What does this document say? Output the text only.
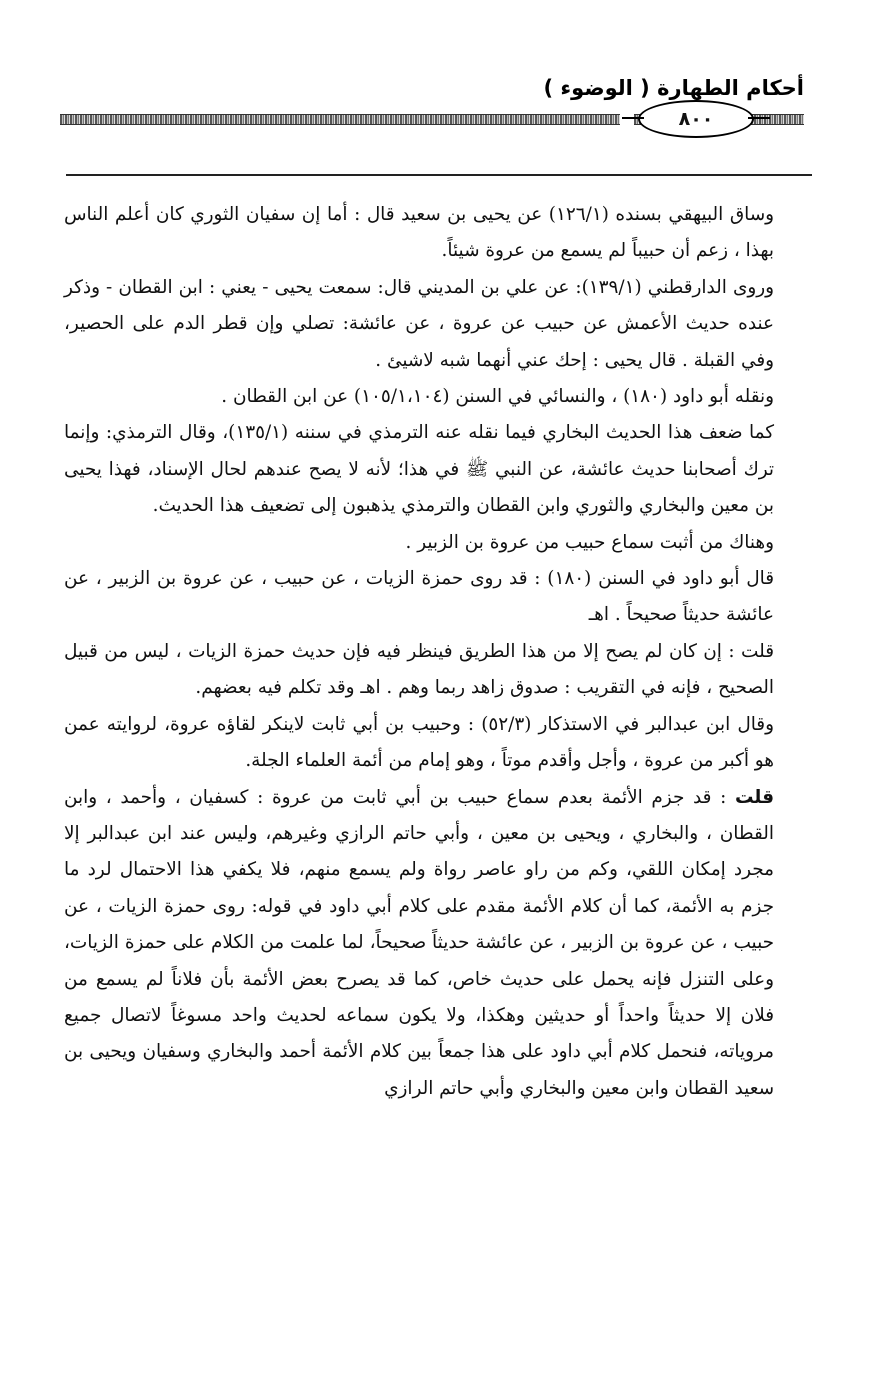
أحكام الطهارة ( الوضوء )
٨٠٠

وساق البيهقي بسنده (١٢٦/١) عن يحيى بن سعيد قال : أما إن سفيان الثوري كان أعلم الناس بهذا ، زعم أن حبيباً لم يسمع من عروة شيئاً.

وروى الدارقطني (١٣٩/١): عن علي بن المديني قال: سمعت يحيى - يعني : ابن القطان - وذكر عنده حديث الأعمش عن حبيب عن عروة ، عن عائشة: تصلي وإن قطر الدم على الحصير، وفي القبلة . قال يحيى : إحك عني أنهما شبه لاشيئ .

ونقله أبو داود (١٨٠) ، والنسائي في السنن (١٠٥/١،١٠٤) عن ابن القطان .

كما ضعف هذا الحديث البخاري فيما نقله عنه الترمذي في سننه (١٣٥/١)، وقال الترمذي: وإنما ترك أصحابنا حديث عائشة، عن النبي ﷺ في هذا؛ لأنه لا يصح عندهم لحال الإسناد، فهذا يحيى بن معين والبخاري والثوري وابن القطان والترمذي يذهبون إلى تضعيف هذا الحديث.

وهناك من أثبت سماع حبيب من عروة بن الزبير .

قال أبو داود في السنن (١٨٠) : قد روى حمزة الزيات ، عن حبيب ، عن عروة بن الزبير ، عن عائشة حديثاً صحيحاً . اهـ

قلت : إن كان لم يصح إلا من هذا الطريق فينظر فيه فإن حديث حمزة الزيات ، ليس من قبيل الصحيح ، فإنه في التقريب : صدوق زاهد ربما وهم . اهـ وقد تكلم فيه بعضهم.

وقال ابن عبدالبر في الاستذكار (٥٢/٣) : وحبيب بن أبي ثابت لاينكر لقاؤه عروة، لروايته عمن هو أكبر من عروة ، وأجل وأقدم موتاً ، وهو إمام من أئمة العلماء الجلة.

قلت : قد جزم الأئمة بعدم سماع حبيب بن أبي ثابت من عروة : كسفيان ، وأحمد ، وابن القطان ، والبخاري ، ويحيى بن معين ، وأبي حاتم الرازي وغيرهم، وليس عند ابن عبدالبر إلا مجرد إمكان اللقي، وكم من راو عاصر رواة ولم يسمع منهم، فلا يكفي هذا الاحتمال لرد ما جزم به الأئمة، كما أن كلام الأئمة مقدم على كلام أبي داود في قوله: روى حمزة الزيات ، عن حبيب ، عن عروة بن الزبير ، عن عائشة حديثاً صحيحاً، لما علمت من الكلام على حمزة الزيات، وعلى التنزل فإنه يحمل على حديث خاص، كما قد يصرح بعض الأئمة بأن فلاناً لم يسمع من فلان إلا حديثاً واحداً أو حديثين وهكذا، ولا يكون سماعه لحديث واحد مسوغاً لاتصال جميع مروياته، فنحمل كلام أبي داود على هذا جمعاً بين كلام الأئمة أحمد والبخاري وسفيان ويحيى بن سعيد القطان وابن معين والبخاري وأبي حاتم الرازي
